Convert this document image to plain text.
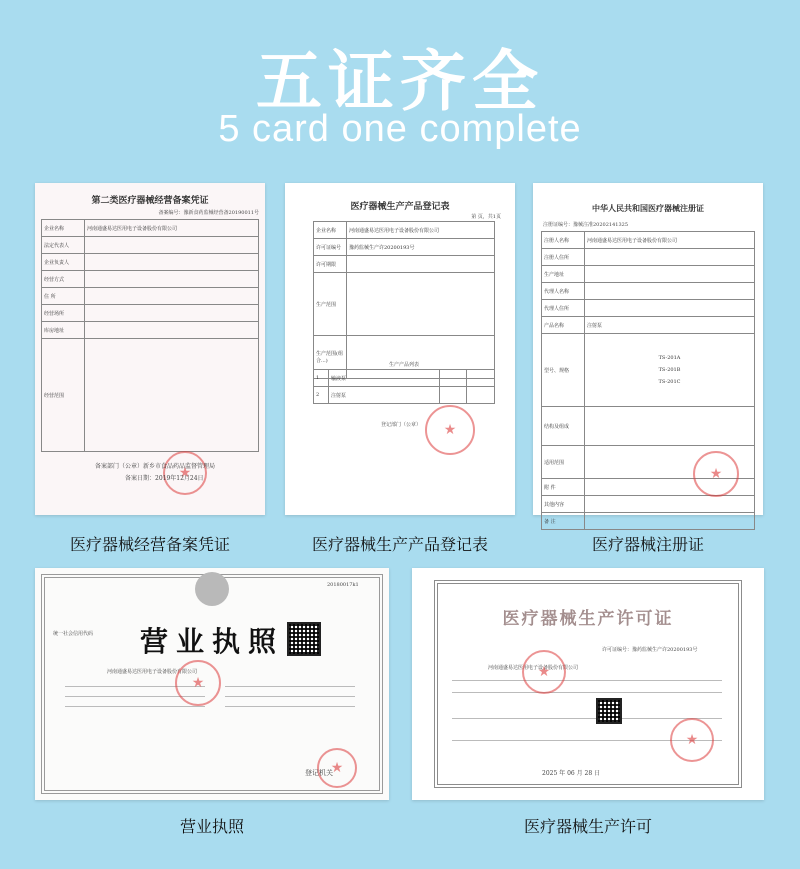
五证齐全
5 card one complete
第二类医疗器械经营备案凭证
备案编号：豫新食药监械经营备20190011号
企业名称	河南通盛易达医用电子设备股份有限公司
法定代表人	
企业负责人	
经营方式	
住 所	
经营场所	
库房地址	
经营范围	
★
备案部门（公章）新乡市食品药品监督管理局
备案日期：2019年12月24日
医疗器械经营备案凭证
医疗器械生产产品登记表
第 页，共1页
企业名称	河南通盛易达医用电子设备股份有限公司
许可证编号	豫药监械生产许20200193号
许可期限	
生产范围	
生产范围(组合...)	
生产产品列表
1	输液泵		
2	注射泵		
登记部门（公章）
★
医疗器械生产产品登记表
中华人民共和国医疗器械注册证
注册证编号：豫械注准20202141325
注册人名称	河南通盛易达医用电子设备股份有限公司
注册人住所	
生产地址	
代理人名称	
代理人住所	
产品名称	注射泵
型号、规格	TS-201A
TS-201B
TS-201C

结构及组成	
适用范围	
附 件	
其他内容	
备 注	
★
医疗器械注册证
20180017k1
营业执照
统一社会信用代码
河南通盛易达医用电子设备股份有限公司
★
★
登记机关
营业执照
医疗器械生产许可证
许可证编号：豫药监械生产许20200193号
河南通盛易达医用电子设备股份有限公司
★
★
2025 年 06 月 28 日
医疗器械生产许可
